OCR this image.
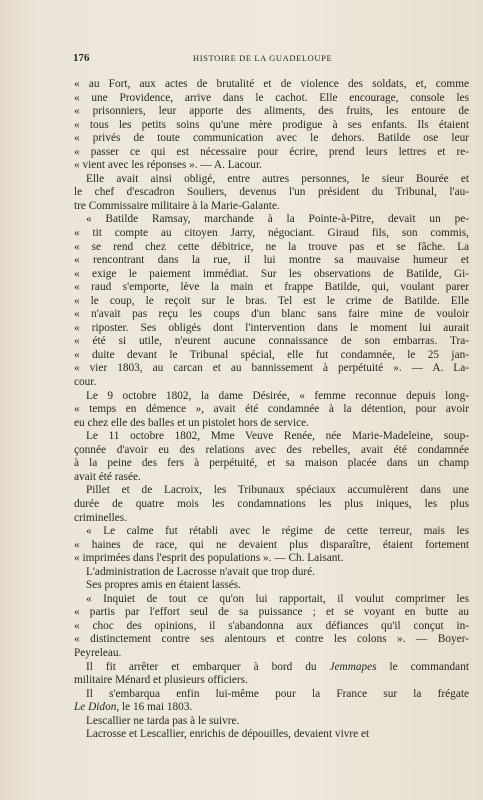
176	HISTOIRE DE LA GUADELOUPE

« au Fort, aux actes de brutalité et de violence des soldats, et, comme
« une Providence, arrive dans le cachot. Elle encourage, console les
« prisonniers, leur apporte des aliments, des fruits, les entoure de
« tous les petits soins qu'une mère prodigue à ses enfants. Ils étaient
« privés de toute communication avec le dehors. Batilde ose leur
« passer ce qui est nécessaire pour écrire, prend leurs lettres et re-
« vient avec les réponses ». — A. Lacour.

Elle avait ainsi obligé, entre autres personnes, le sieur Bourée et
le chef d'escadron Souliers, devenus l'un président du Tribunal, l'au-
tre Commissaire militaire à la Marie-Galante.

« Batilde Ramsay, marchande à la Pointe-à-Pitre, devait un pe-
« tit compte au citoyen Jarry, négociant. Giraud fils, son commis,
« se rend chez cette débitrice, ne la trouve pas et se fâche. La
« rencontrant dans la rue, il lui montre sa mauvaise humeur et
« exige le paiement immédiat. Sur les observations de Batilde, Gi-
« raud s'emporte, lève la main et frappe Batilde, qui, voulant parer
« le coup, le reçoit sur le bras. Tel est le crime de Batilde. Elle
« n'avait pas reçu les coups d'un blanc sans faire mine de vouloir
« riposter. Ses obligés dont l'intervention dans le moment lui aurait
« été si utile, n'eurent aucune connaissance de son embarras. Tra-
« duite devant le Tribunal spécial, elle fut condamnée, le 25 jan-
« vier 1803, au carcan et au bannissement à perpétuité ». — A. La-
cour.

Le 9 octobre 1802, la dame Désirée, « femme reconnue depuis long-
« temps en démence », avait été condamnée à la détention, pour avoir
eu chez elle des balles et un pistolet hors de service.

Le 11 octobre 1802, Mme Veuve Renée, née Marie-Madeleine, soup-
çonnée d'avoir eu des relations avec des rebelles, avait été condamnée
à la peine des fers à perpétuité, et sa maison placée dans un champ
avait été rasée.

Pillet et de Lacroix, les Tribunaux spéciaux accumulèrent dans une
durée de quatre mois les condamnations les plus iniques, les plus
criminelles.

« Le calme fut rétabli avec le régime de cette terreur, mais les
« haines de race, qui ne devaient plus disparaître, étaient fortement
« imprimées dans l'esprit des populations ». — Ch. Laisant.

L'administration de Lacrosse n'avait que trop duré.

Ses propres amis en étaient lassés.

« Inquiet de tout ce qu'on lui rapportait, il voulut comprimer les
« partis par l'effort seul de sa puissance ; et se voyant en butte au
« choc des opinions, il s'abandonna aux défiances qu'il conçut in-
« distinctement contre ses alentours et contre les colons ». — Boyer-
Peyreleau.

Il fit arrêter et embarquer à bord du Jemmapes le commandant
militaire Ménard et plusieurs officiers.

Il s'embarqua enfin lui-même pour la France sur la frégate
Le Didon, le 16 mai 1803.

Lescallier ne tarda pas à le suivre.

Lacrosse et Lescallier, enrichis de dépouilles, devaient vivre et
